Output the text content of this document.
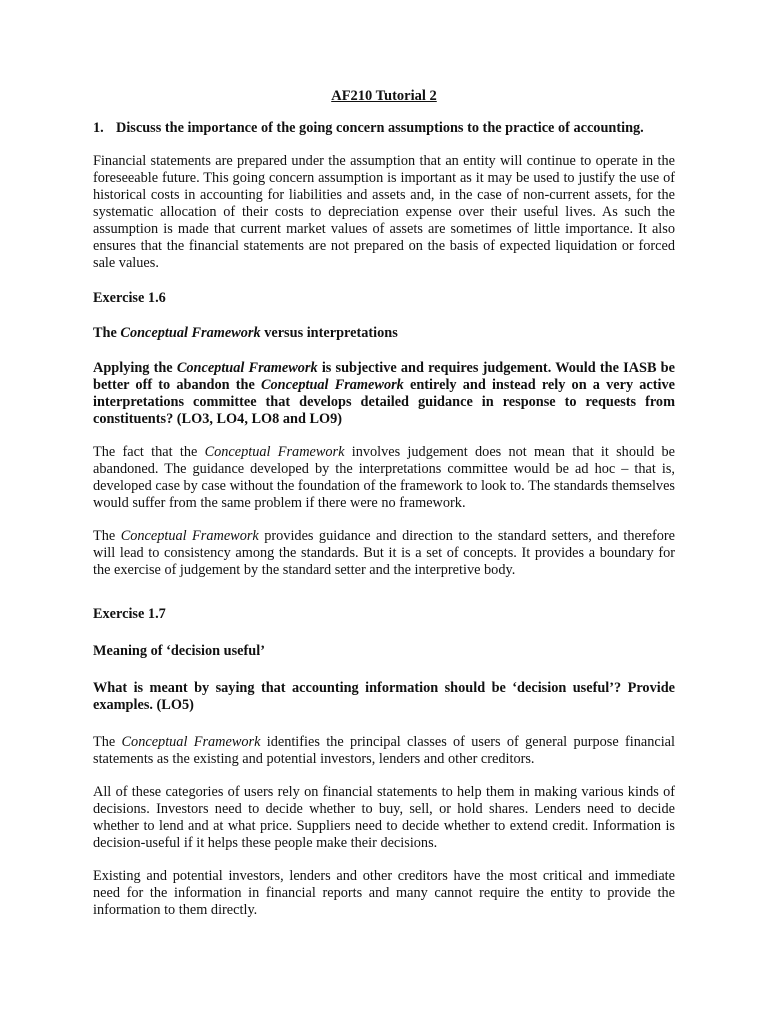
AF210 Tutorial 2
1. Discuss the importance of the going concern assumptions to the practice of accounting.

Financial statements are prepared under the assumption that an entity will continue to operate in the foreseeable future. This going concern assumption is important as it may be used to justify the use of historical costs in accounting for liabilities and assets and, in the case of non-current assets, for the systematic allocation of their costs to depreciation expense over their useful lives. As such the assumption is made that current market values of assets are sometimes of little importance. It also ensures that the financial statements are not prepared on the basis of expected liquidation or forced sale values.

Exercise 1.6

The Conceptual Framework versus interpretations

Applying the Conceptual Framework is subjective and requires judgement. Would the IASB be better off to abandon the Conceptual Framework entirely and instead rely on a very active interpretations committee that develops detailed guidance in response to requests from constituents? (LO3, LO4, LO8 and LO9)

The fact that the Conceptual Framework involves judgement does not mean that it should be abandoned. The guidance developed by the interpretations committee would be ad hoc – that is, developed case by case without the foundation of the framework to look to. The standards themselves would suffer from the same problem if there were no framework.

The Conceptual Framework provides guidance and direction to the standard setters, and therefore will lead to consistency among the standards. But it is a set of concepts. It provides a boundary for the exercise of judgement by the standard setter and the interpretive body.

Exercise 1.7

Meaning of ‘decision useful’

What is meant by saying that accounting information should be ‘decision useful’? Provide examples. (LO5)

The Conceptual Framework identifies the principal classes of users of general purpose financial statements as the existing and potential investors, lenders and other creditors.

All of these categories of users rely on financial statements to help them in making various kinds of decisions. Investors need to decide whether to buy, sell, or hold shares. Lenders need to decide whether to lend and at what price. Suppliers need to decide whether to extend credit. Information is decision-useful if it helps these people make their decisions.

Existing and potential investors, lenders and other creditors have the most critical and immediate need for the information in financial reports and many cannot require the entity to provide the information to them directly.
